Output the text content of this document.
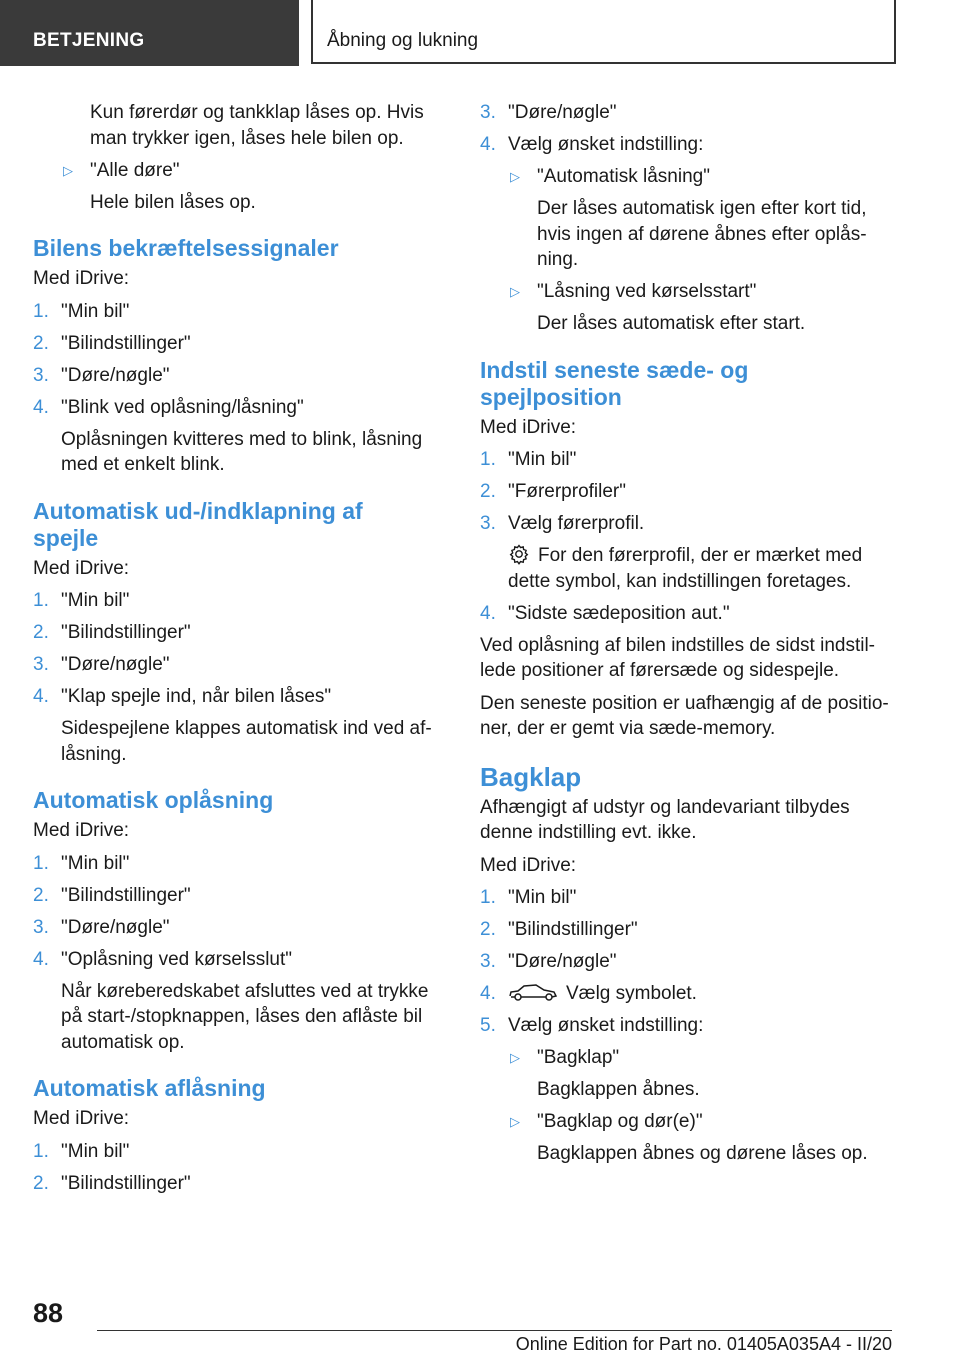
BETJENING	Åbning og lukning
Kun førerdør og tankklap låses op. Hvis man trykker igen, låses hele bilen op.
▷ "Alle døre"
Hele bilen låses op.
Bilens bekræftelsessignaler

Med iDrive:

1. "Min bil"
2. "Bilindstillinger"
3. "Døre/nøgle"
4. "Blink ved oplåsning/låsning"
Oplåsningen kvitteres med to blink, låsning med et enkelt blink.
Automatisk ud-/indklapning af
spejle

Med iDrive:

1. "Min bil"
2. "Bilindstillinger"
3. "Døre/nøgle"
4. "Klap spejle ind, når bilen låses"
Sidespejlene klappes automatisk ind ved af‐låsning.
Automatisk oplåsning

Med iDrive:

1. "Min bil"
2. "Bilindstillinger"
3. "Døre/nøgle"
4. "Oplåsning ved kørselsslut"
Når køreberedskabet afsluttes ved at trykke på start-/stopknappen, låses den aflåste bil automatisk op.
Automatisk aflåsning

Med iDrive:

1. "Min bil"
2. "Bilindstillinger"
3. "Døre/nøgle"
4. Vælg ønsket indstilling:
▷ "Automatisk låsning"
Der låses automatisk igen efter kort tid, hvis ingen af dørene åbnes efter oplås‐ning.
▷ "Låsning ved kørselsstart"
Der låses automatisk efter start.
Indstil seneste sæde- og
spejlposition

Med iDrive:

1. "Min bil"
2. "Førerprofiler"
3. Vælg førerprofil.
For den førerprofil, der er mærket med dette symbol, kan indstillingen foretages.
4. "Sidste sædeposition aut."

Ved oplåsning af bilen indstilles de sidst indstil‐lede positioner af førersæde og sidespejle.

Den seneste position er uafhængig af de positio‐ner, der er gemt via sæde-memory.

Bagklap

Afhængigt af udstyr og landevariant tilbydes denne indstilling evt. ikke.

Med iDrive:

1. "Min bil"
2. "Bilindstillinger"
3. "Døre/nøgle"
4.	Vælg symbolet.
5. Vælg ønsket indstilling:
▷ "Bagklap"
Bagklappen åbnes.
▷ "Bagklap og dør(e)"
Bagklappen åbnes og dørene låses op.
88
Online Edition for Part no. 01405A035A4 - II/20
